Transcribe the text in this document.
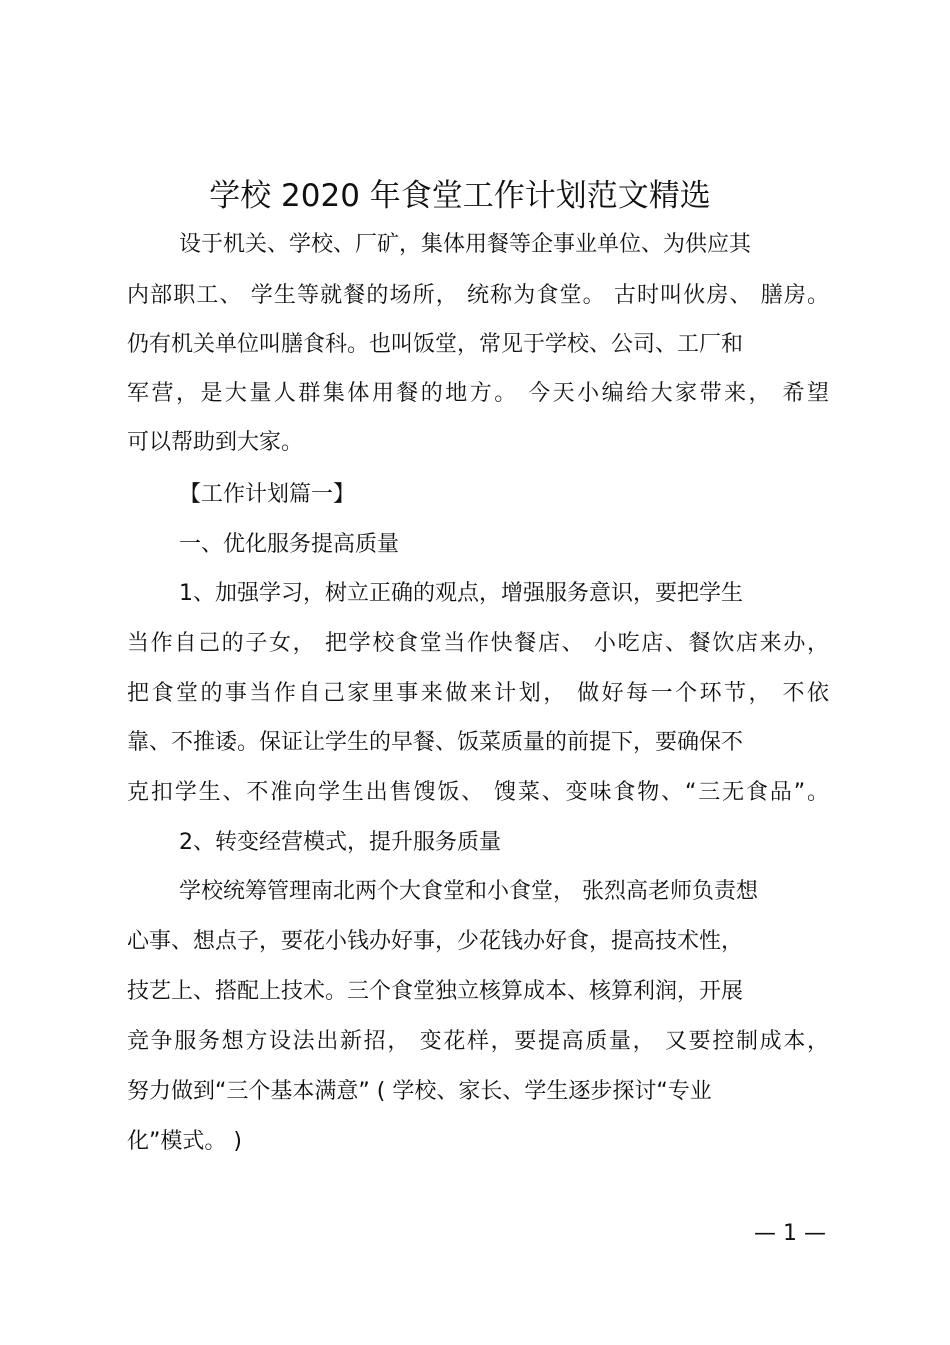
学校 2020 年食堂工作计划范文精选
设于机关、学校、厂矿，集体用餐等企事业单位、为供应其
内部职工、 学生等就餐的场所， 统称为食堂。 古时叫伙房、 膳房。
仍有机关单位叫膳食科。也叫饭堂，常见于学校、公司、工厂和
军营，是大量人群集体用餐的地方。 今天小编给大家带来， 希望
可以帮助到大家。
【工作计划篇一】
一、优化服务提高质量
1、加强学习，树立正确的观点，增强服务意识，要把学生
当作自己的子女， 把学校食堂当作快餐店、 小吃店、餐饮店来办，
把食堂的事当作自己家里事来做来计划， 做好每一个环节， 不依
靠、不推诿。保证让学生的早餐、饭菜质量的前提下，要确保不
克扣学生、不准向学生出售馊饭、 馊菜、变味食物、“三无食品”。
2、转变经营模式，提升服务质量
学校统筹管理南北两个大食堂和小食堂， 张烈高老师负责想
心事、想点子，要花小钱办好事，少花钱办好食，提高技术性，
技艺上、搭配上技术。三个食堂独立核算成本、核算利润，开展
竞争服务想方设法出新招， 变花样，要提高质量， 又要控制成本，
努力做到“三个基本满意” ( 学校、家长、学生逐步探讨“专业
化”模式。 )
— 1 —
